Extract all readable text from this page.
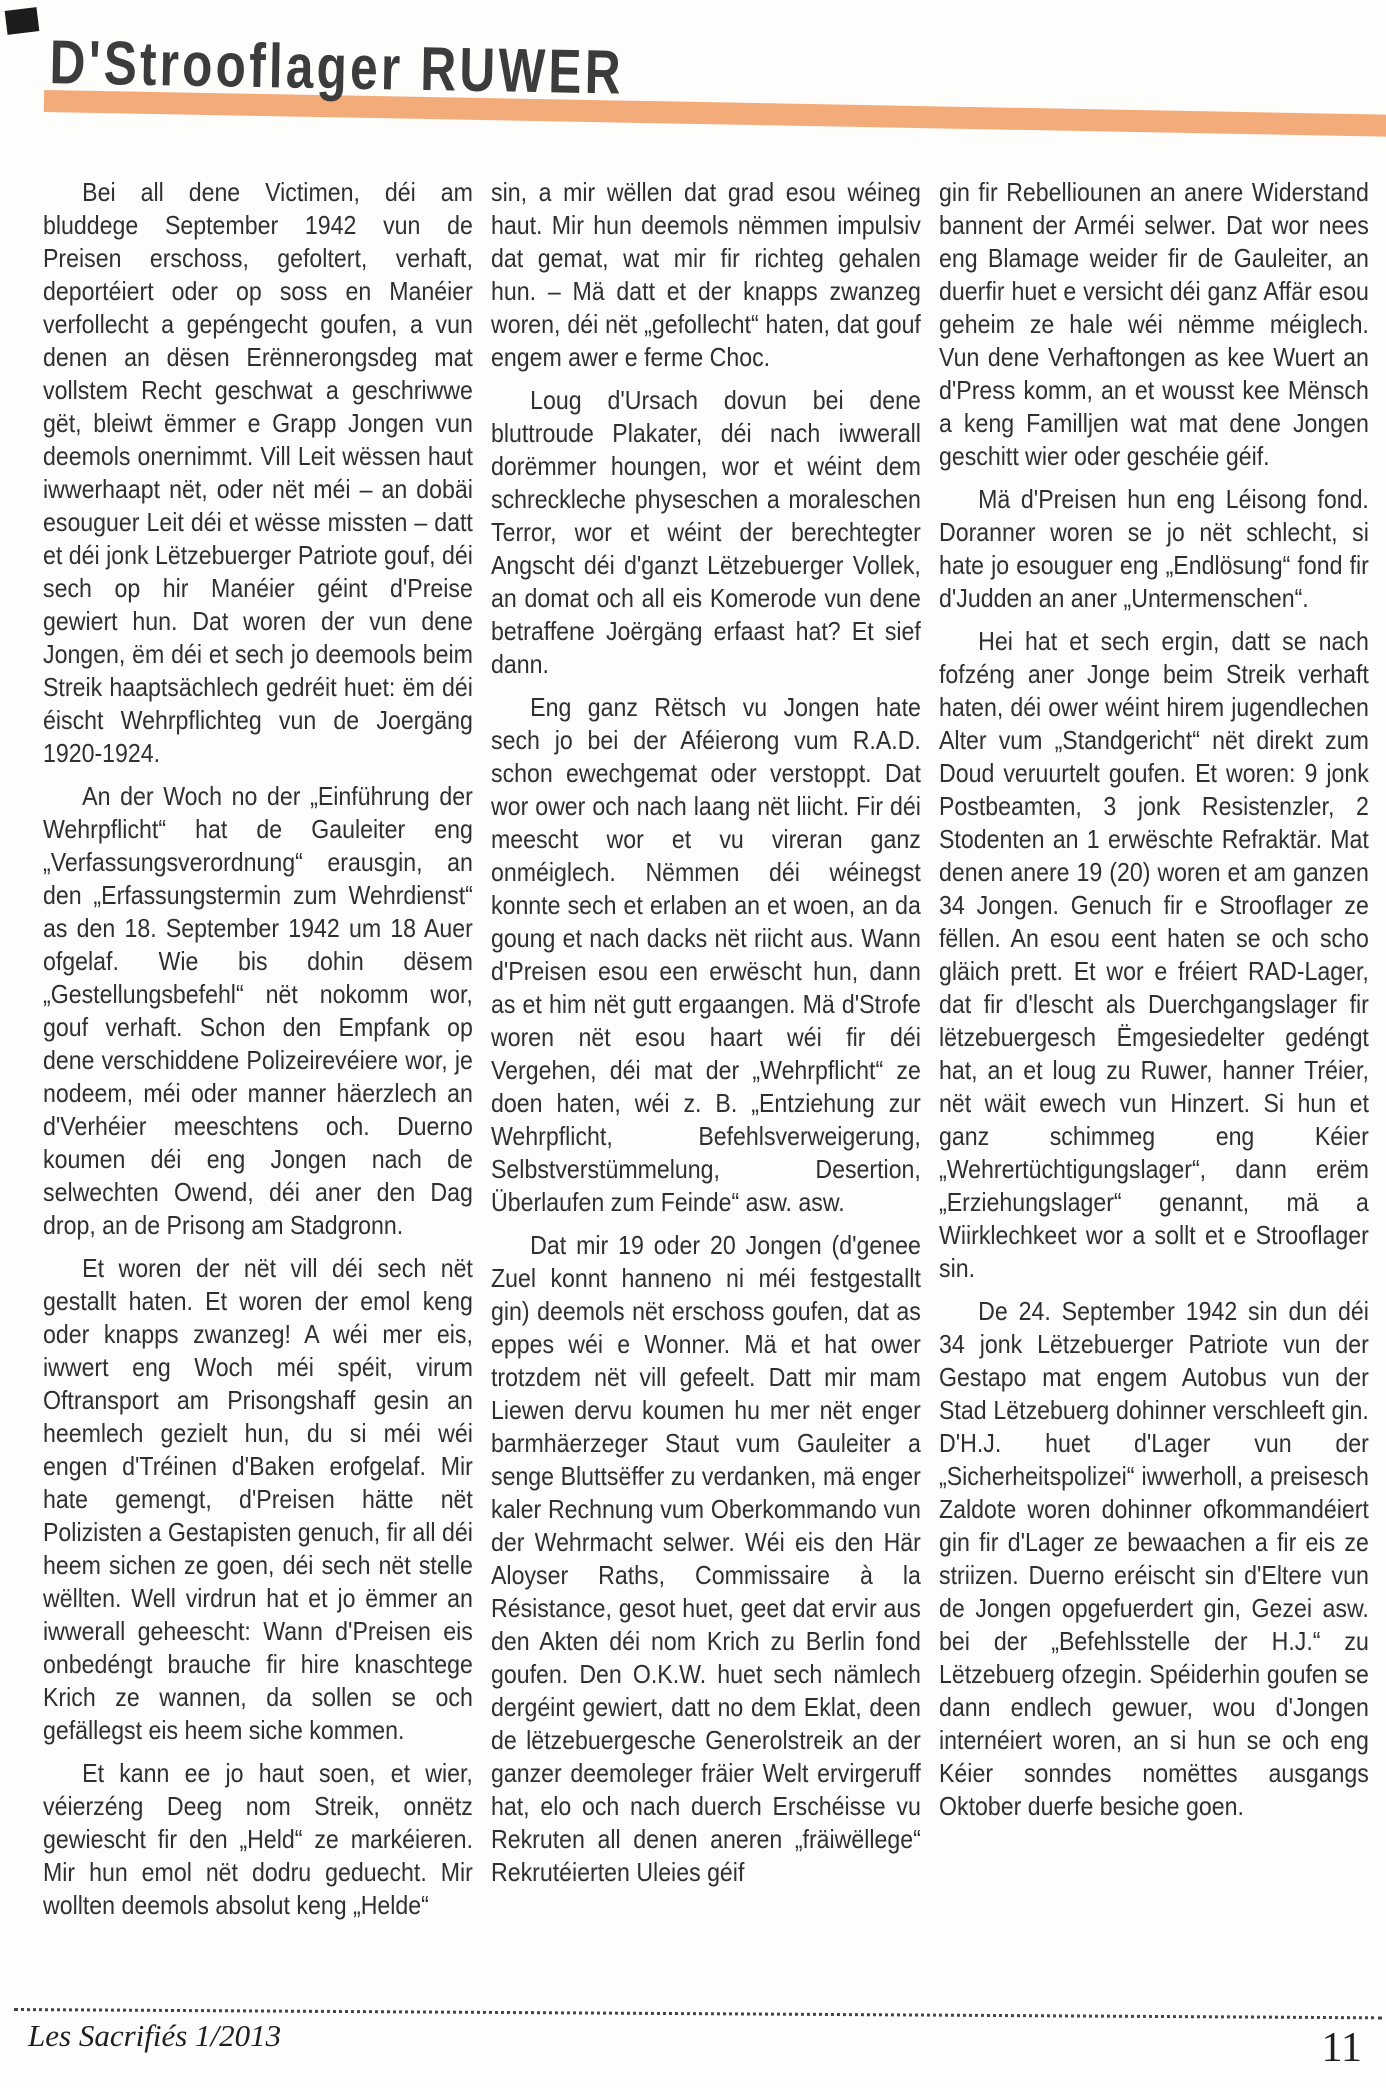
D'Strooflager RUWER

Bei all dene Victimen, déi am bluddege September 1942 vun de Preisen erschoss, gefoltert, verhaft, deportéiert oder op soss en Manéier verfollecht a gepéngecht goufen, a vun denen an dësen Erënnerongsdeg mat vollstem Recht geschwat a geschriwwe gët, bleiwt ëmmer e Grapp Jongen vun deemols onernimmt. Vill Leit wëssen haut iwwerhaapt nët, oder nët méi – an dobäi esouguer Leit déi et wësse missten – datt et déi jonk Lëtzebuerger Patriote gouf, déi sech op hir Manéier géint d'Preise gewiert hun. Dat woren der vun dene Jongen, ëm déi et sech jo deemools beim Streik haaptsächlech gedréit huet: ëm déi éischt Wehrpflichteg vun de Joergäng 1920-1924.

An der Woch no der „Einführung der Wehrpflicht“ hat de Gauleiter eng „Verfassungsverordnung“ erausgin, an den „Erfassungstermin zum Wehrdienst“ as den 18. September 1942 um 18 Auer ofgelaf. Wie bis dohin dësem „Gestellungsbefehl“ nët nokomm wor, gouf verhaft. Schon den Empfank op dene verschiddene Polizeirevéiere wor, je nodeem, méi oder manner häerzlech an d'Verhéier meeschtens och. Duerno koumen déi eng Jongen nach de selwechten Owend, déi aner den Dag drop, an de Prisong am Stadgronn.

Et woren der nët vill déi sech nët gestallt haten. Et woren der emol keng oder knapps zwanzeg! A wéi mer eis, iwwert eng Woch méi spéit, virum Oftransport am Prisongshaff gesin an heemlech gezielt hun, du si méi wéi engen d'Tréinen d'Baken erofgelaf. Mir hate gemengt, d'Preisen hätte nët Polizisten a Gestapisten genuch, fir all déi heem sichen ze goen, déi sech nët stelle wëllten. Well virdrun hat et jo ëmmer an iwwerall geheescht: Wann d'Preisen eis onbedéngt brauche fir hire knaschtege Krich ze wannen, da sollen se och gefällegst eis heem siche kommen.

Et kann ee jo haut soen, et wier, véierzéng Deeg nom Streik, onnëtz gewiescht fir den „Held“ ze markéieren. Mir hun emol nët dodru geduecht. Mir wollten deemols absolut keng „Helde“

sin, a mir wëllen dat grad esou wéineg haut. Mir hun deemols nëmmen impulsiv dat gemat, wat mir fir richteg gehalen hun. – Mä datt et der knapps zwanzeg woren, déi nët „gefollecht“ haten, dat gouf engem awer e ferme Choc.

Loug d'Ursach dovun bei dene bluttroude Plakater, déi nach iwwerall dorëmmer houngen, wor et wéint dem schreckleche physeschen a moraleschen Terror, wor et wéint der berechtegter Angscht déi d'ganzt Lëtzebuerger Vollek, an domat och all eis Komerode vun dene betraffene Joërgäng erfaast hat? Et sief dann.

Eng ganz Rëtsch vu Jongen hate sech jo bei der Aféierong vum R.A.D. schon ewechgemat oder verstoppt. Dat wor ower och nach laang nët liicht. Fir déi meescht wor et vu vireran ganz onméiglech. Nëmmen déi wéinegst konnte sech et erlaben an et woen, an da goung et nach dacks nët riicht aus. Wann d'Preisen esou een erwëscht hun, dann as et him nët gutt ergaangen. Mä d'Strofe woren nët esou haart wéi fir déi Vergehen, déi mat der „Wehrpflicht“ ze doen haten, wéi z. B. „Entziehung zur Wehrpflicht, Befehlsverweigerung, Selbstverstümmelung, Desertion, Überlaufen zum Feinde“ asw. asw.

Dat mir 19 oder 20 Jongen (d'genee Zuel konnt hanneno ni méi festgestallt gin) deemols nët erschoss goufen, dat as eppes wéi e Wonner. Mä et hat ower trotzdem nët vill gefeelt. Datt mir mam Liewen dervu koumen hu mer nët enger barmhäerzeger Staut vum Gauleiter a senge Bluttsëffer zu verdanken, mä enger kaler Rechnung vum Oberkommando vun der Wehrmacht selwer. Wéi eis den Här Aloyser Raths, Commissaire à la Résistance, gesot huet, geet dat ervir aus den Akten déi nom Krich zu Berlin fond goufen. Den O.K.W. huet sech nämlech dergéint gewiert, datt no dem Eklat, deen de lëtzebuergesche Generolstreik an der ganzer deemoleger fräier Welt ervirgeruff hat, elo och nach duerch Erschéisse vu Rekruten all denen aneren „fräiwëllege“ Rekrutéierten Uleies géif

gin fir Rebelliounen an anere Widerstand bannent der Arméi selwer. Dat wor nees eng Blamage weider fir de Gauleiter, an duerfir huet e versicht déi ganz Affär esou geheim ze hale wéi nëmme méiglech. Vun dene Verhaftongen as kee Wuert an d'Press komm, an et wousst kee Mënsch a keng Familljen wat mat dene Jongen geschitt wier oder geschéie géif.

Mä d'Preisen hun eng Léisong fond. Doranner woren se jo nët schlecht, si hate jo esouguer eng „Endlösung“ fond fir d'Judden an aner „Untermenschen“.

Hei hat et sech ergin, datt se nach fofzéng aner Jonge beim Streik verhaft haten, déi ower wéint hirem jugendlechen Alter vum „Standgericht“ nët direkt zum Doud veruurtelt goufen. Et woren: 9 jonk Postbeamten, 3 jonk Resistenzler, 2 Stodenten an 1 erwëschte Refraktär. Mat denen anere 19 (20) woren et am ganzen 34 Jongen. Genuch fir e Strooflager ze fëllen. An esou eent haten se och scho gläich prett. Et wor e fréiert RAD-Lager, dat fir d'lescht als Duerchgangslager fir lëtzebuergesch Ëmgesiedelter gedéngt hat, an et loug zu Ruwer, hanner Tréier, nët wäit ewech vun Hinzert. Si hun et ganz schimmeg eng Kéier „Wehrertüchtigungslager“, dann erëm „Erziehungslager“ genannt, mä a Wiirklechkeet wor a sollt et e Strooflager sin.

De 24. September 1942 sin dun déi 34 jonk Lëtzebuerger Patriote vun der Gestapo mat engem Autobus vun der Stad Lëtzebuerg dohinner verschleeft gin. D'H.J. huet d'Lager vun der „Sicherheitspolizei“ iwwerholl, a preisesch Zaldote woren dohinner ofkommandéiert gin fir d'Lager ze bewaachen a fir eis ze striizen. Duerno eréischt sin d'Eltere vun de Jongen opgefuerdert gin, Gezei asw. bei der „Befehlsstelle der H.J.“ zu Lëtzebuerg ofzegin. Spéiderhin goufen se dann endlech gewuer, wou d'Jongen internéiert woren, an si hun se och eng Kéier sonndes nomëttes ausgangs Oktober duerfe besiche goen.

Les Sacrifiés 1/2013	11
